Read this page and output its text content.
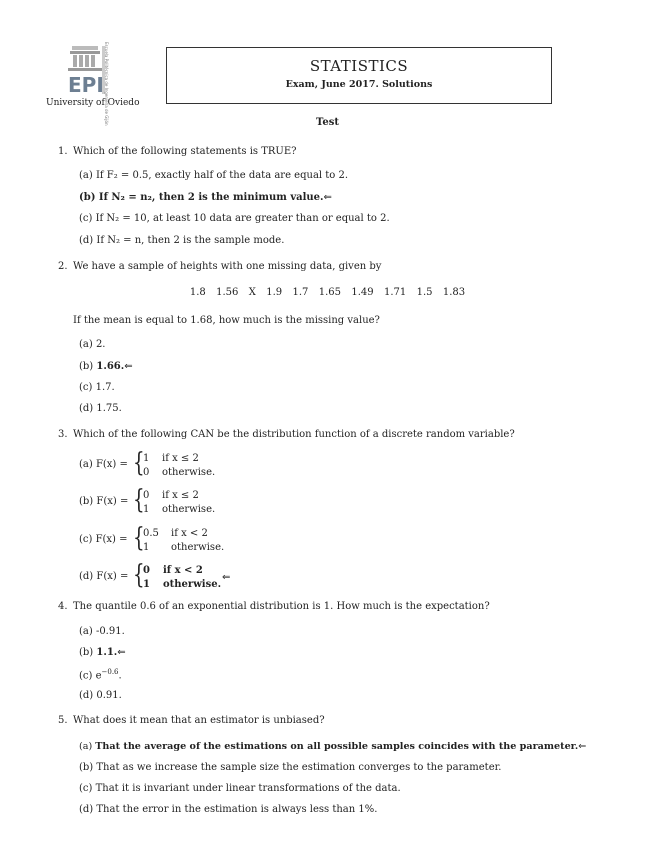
EPI
University of Oviedo
STATISTICS
Exam, June 2017. Solutions
Test
1. Which of the following statements is TRUE?
(a) If F₂ = 0.5, exactly half of the data are equal to 2.
(b) If N₂ = n₂, then 2 is the minimum value.⇐
(c) If N₂ = 10, at least 10 data are greater than or equal to 2.
(d) If N₂ = n, then 2 is the sample mode.
2. We have a sample of heights with one missing data, given by
1.8  1.56  X  1.9  1.7  1.65  1.49  1.71  1.5  1.83
If the mean is equal to 1.68, how much is the missing value?
(a) 2.
(b) 1.66.⇐
(c) 1.7.
(d) 1.75.
3. Which of the following CAN be the distribution function of a discrete random variable?
(a) F(x) = {
1 if x ≤ 2
0 otherwise.
(b) F(x) = {
0 if x ≤ 2
1 otherwise.
(c) F(x) = {
0.5 if x < 2
1 otherwise.
(d) F(x) = {
0 if x < 2
1 otherwise.
⇐
4. The quantile 0.6 of an exponential distribution is 1. How much is the expectation?
(a) -0.91.
(b) 1.1.⇐
(c) $e^{-0.6}$.
(d) 0.91.
5. What does it mean that an estimator is unbiased?
(a) That the average of the estimations on all possible samples coincides with the parameter.⇐
(b) That as we increase the sample size the estimation converges to the parameter.
(c) That it is invariant under linear transformations of the data.
(d) That the error in the estimation is always less than 1%.
Escuela Politécnica de Ingeniería de Gijón
